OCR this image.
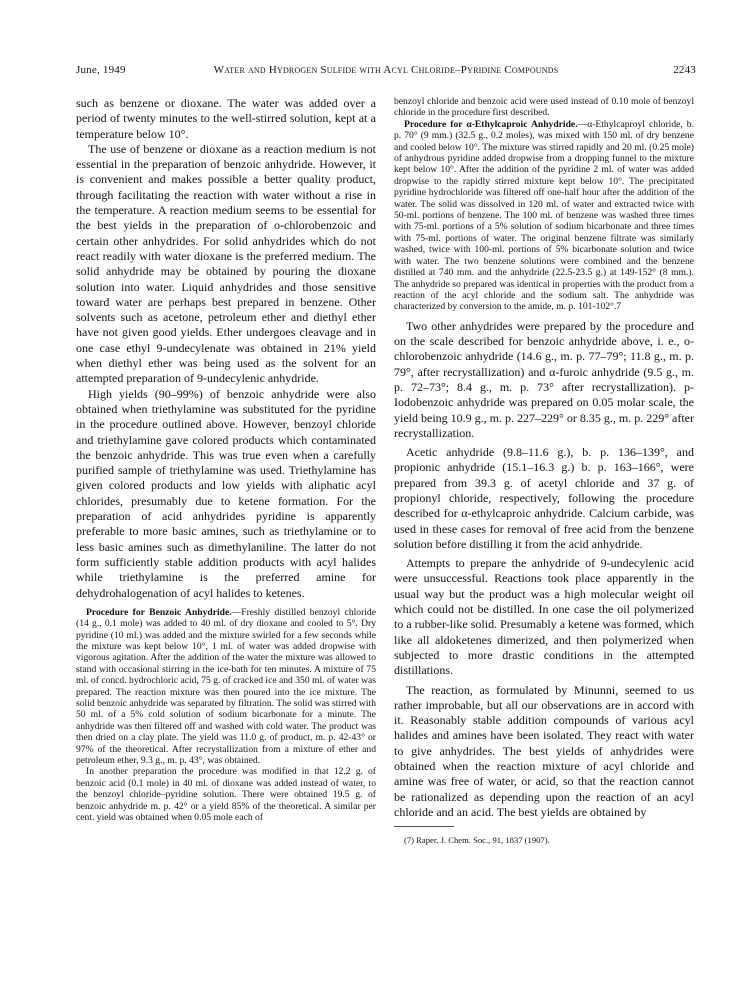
June, 1949	Water and Hydrogen Sulfide with Acyl Chloride–Pyridine Compounds	2243

such as benzene or dioxane. The water was added over a period of twenty minutes to the well-stirred solution, kept at a temperature below 10°.

The use of benzene or dioxane as a reaction medium is not essential in the preparation of benzoic anhydride. However, it is convenient and makes possible a better quality product, through facilitating the reaction with water without a rise in the temperature. A reaction medium seems to be essential for the best yields in the preparation of o-chlorobenzoic and certain other anhydrides. For solid anhydrides which do not react readily with water dioxane is the preferred medium. The solid anhydride may be obtained by pouring the dioxane solution into water. Liquid anhydrides and those sensitive toward water are perhaps best prepared in benzene. Other solvents such as acetone, petroleum ether and diethyl ether have not given good yields. Ether undergoes cleavage and in one case ethyl 9-undecylenate was obtained in 21% yield when diethyl ether was being used as the solvent for an attempted preparation of 9-undecylenic anhydride.

High yields (90–99%) of benzoic anhydride were also obtained when triethylamine was substituted for the pyridine in the procedure outlined above. However, benzoyl chloride and triethylamine gave colored products which contaminated the benzoic anhydride. This was true even when a carefully purified sample of triethylamine was used. Triethylamine has given colored products and low yields with aliphatic acyl chlorides, presumably due to ketene formation. For the preparation of acid anhydrides pyridine is apparently preferable to more basic amines, such as triethylamine or to less basic amines such as dimethylaniline. The latter do not form sufficiently stable addition products with acyl halides while triethylamine is the preferred amine for dehydrohalogenation of acyl halides to ketenes.

Procedure for Benzoic Anhydride.—Freshly distilled benzoyl chloride (14 g., 0.1 mole) was added to 40 ml. of dry dioxane and cooled to 5°. Dry pyridine (10 ml.) was added and the mixture swirled for a few seconds while the mixture was kept below 10°, 1 ml. of water was added dropwise with vigorous agitation. After the addition of the water the mixture was allowed to stand with occasional stirring in the ice-bath for ten minutes. A mixture of 75 ml. of concd. hydrochloric acid, 75 g. of cracked ice and 350 ml. of water was prepared. The reaction mixture was then poured into the ice mixture. The solid benzoic anhydride was separated by filtration. The solid was stirred with 50 ml. of a 5% cold solution of sodium bicarbonate for a minute. The anhydride was then filtered off and washed with cold water. The product was then dried on a clay plate. The yield was 11.0 g. of product, m. p. 42-43° or 97% of the theoretical. After recrystallization from a mixture of ether and petroleum ether, 9.3 g., m. p. 43°, was obtained.

In another preparation the procedure was modified in that 12.2 g. of benzoic acid (0.1 mole) in 40 ml. of dioxane was added instead of water, to the benzoyl chloride–pyridine solution. There were obtained 19.5 g. of benzoic anhydride m. p. 42° or a yield 85% of the theoretical. A similar per cent. yield was obtained when 0.05 mole each of

benzoyl chloride and benzoic acid were used instead of 0.10 mole of benzoyl chloride in the procedure first described.

Procedure for α-Ethylcaproic Anhydride.—α-Ethylcaproyl chloride, b. p. 70° (9 mm.) (32.5 g., 0.2 moles), was mixed with 150 ml. of dry benzene and cooled below 10°. The mixture was stirred rapidly and 20 ml. (0.25 mole) of anhydrous pyridine added dropwise from a dropping funnel to the mixture kept below 10°. After the addition of the pyridine 2 ml. of water was added dropwise to the rapidly stirred mixture kept below 10°. The precipitated pyridine hydrochloride was filtered off one-half hour after the addition of the water. The solid was dissolved in 120 ml. of water and extracted twice with 50-ml. portions of benzene. The 100 ml. of benzene was washed three times with 75-ml. portions of a 5% solution of sodium bicarbonate and three times with 75-ml. portions of water. The original benzene filtrate was similarly washed, twice with 100-ml. portions of 5% bicarbonate solution and twice with water. The two benzene solutions were combined and the benzene distilled at 740 mm. and the anhydride (22.5-23.5 g.) at 149-152° (8 mm.). The anhydride so prepared was identical in properties with the product from a reaction of the acyl chloride and the sodium salt. The anhydride was characterized by conversion to the amide, m. p. 101-102°.7

Two other anhydrides were prepared by the procedure and on the scale described for benzoic anhydride above, i. e., o-chlorobenzoic anhydride (14.6 g., m. p. 77–79°; 11.8 g., m. p. 79°, after recrystallization) and α-furoic anhydride (9.5 g., m. p. 72–73°; 8.4 g., m. p. 73° after recrystallization). p-Iodobenzoic anhydride was prepared on 0.05 molar scale, the yield being 10.9 g., m. p. 227–229° or 8.35 g., m. p. 229° after recrystallization.

Acetic anhydride (9.8–11.6 g.), b. p. 136–139°, and propionic anhydride (15.1–16.3 g.) b. p. 163–166°, were prepared from 39.3 g. of acetyl chloride and 37 g. of propionyl chloride, respectively, following the procedure described for α-ethylcaproic anhydride. Calcium carbide, was used in these cases for removal of free acid from the benzene solution before distilling it from the acid anhydride.

Attempts to prepare the anhydride of 9-undecylenic acid were unsuccessful. Reactions took place apparently in the usual way but the product was a high molecular weight oil which could not be distilled. In one case the oil polymerized to a rubber-like solid. Presumably a ketene was formed, which like all aldoketenes dimerized, and then polymerized when subjected to more drastic conditions in the attempted distillations.

The reaction, as formulated by Minunni, seemed to us rather improbable, but all our observations are in accord with it. Reasonably stable addition compounds of various acyl halides and amines have been isolated. They react with water to give anhydrides. The best yields of anhydrides were obtained when the reaction mixture of acyl chloride and amine was free of water, or acid, so that the reaction cannot be rationalized as depending upon the reaction of an acyl chloride and an acid. The best yields are obtained by

(7) Raper, J. Chem. Soc., 91, 1837 (1907).
